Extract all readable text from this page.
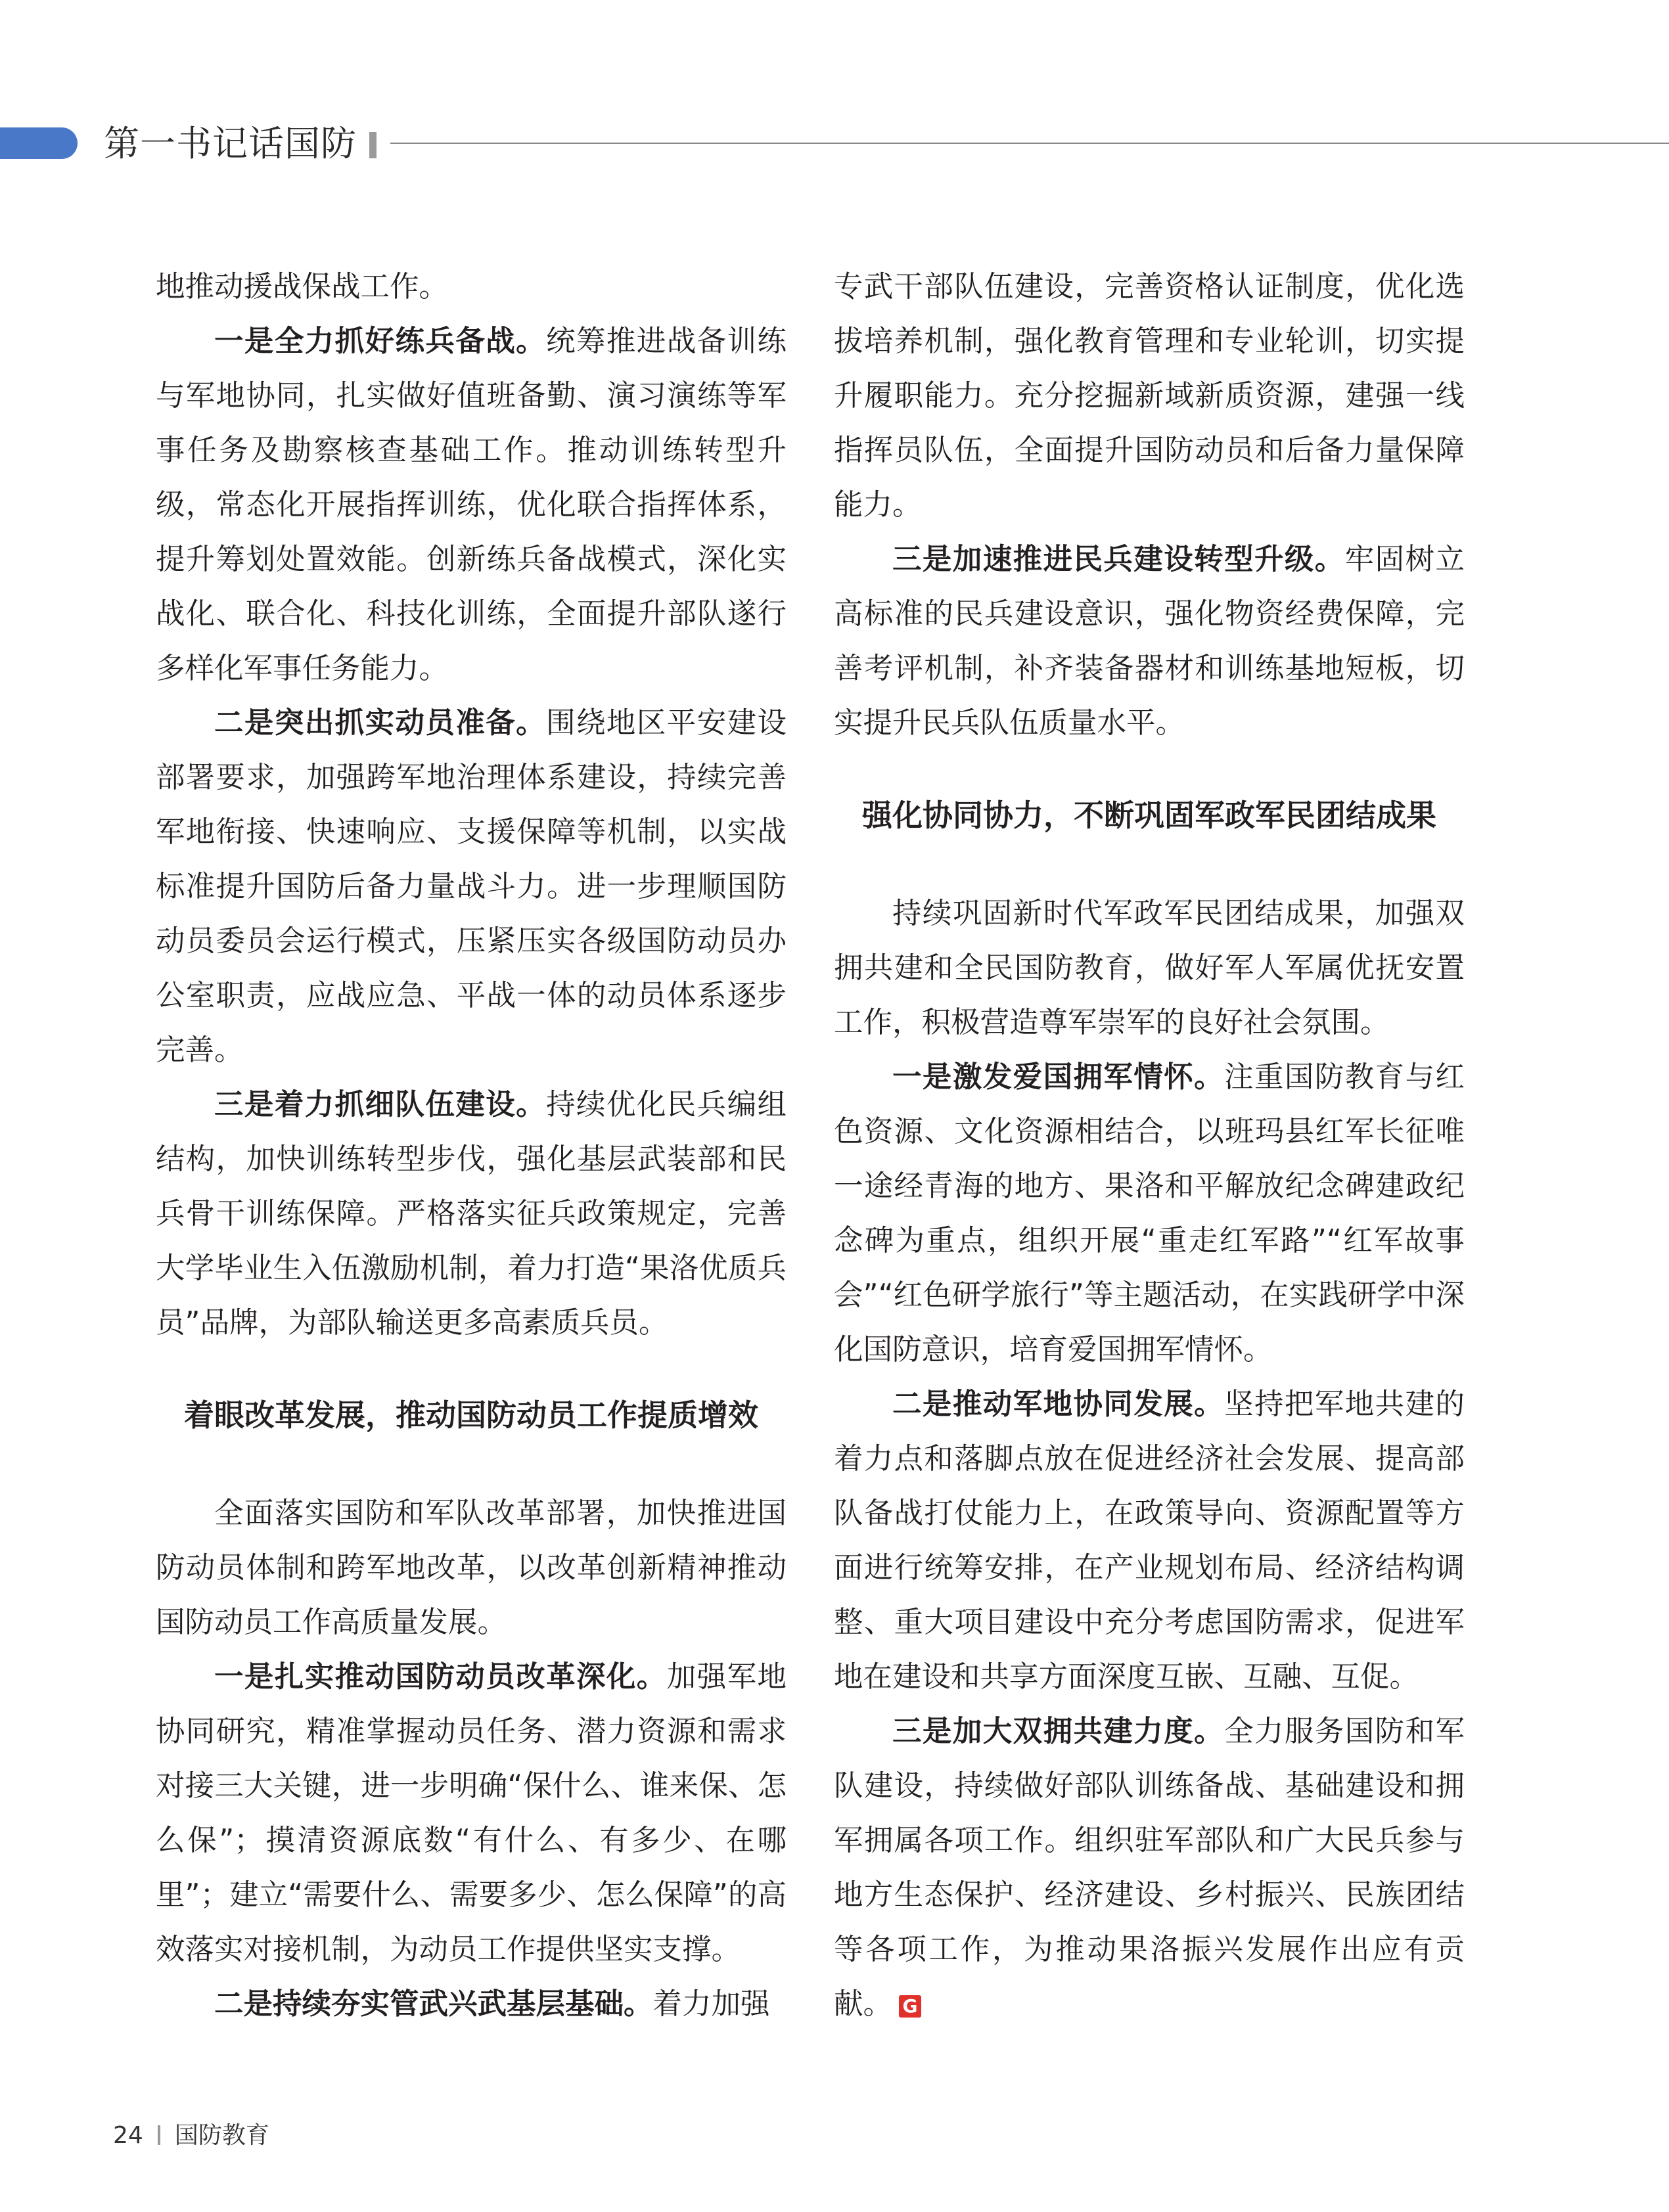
第一书记话国防

地推动援战保战工作。

一是全力抓好练兵备战。统筹推进战备训练与军地协同，扎实做好值班备勤、演习演练等军事任务及勘察核查基础工作。推动训练转型升级，常态化开展指挥训练，优化联合指挥体系，提升筹划处置效能。创新练兵备战模式，深化实战化、联合化、科技化训练，全面提升部队遂行多样化军事任务能力。

二是突出抓实动员准备。围绕地区平安建设部署要求，加强跨军地治理体系建设，持续完善军地衔接、快速响应、支援保障等机制，以实战标准提升国防后备力量战斗力。进一步理顺国防动员委员会运行模式，压紧压实各级国防动员办公室职责，应战应急、平战一体的动员体系逐步完善。

三是着力抓细队伍建设。持续优化民兵编组结构，加快训练转型步伐，强化基层武装部和民兵骨干训练保障。严格落实征兵政策规定，完善大学毕业生入伍激励机制，着力打造“果洛优质兵员”品牌，为部队输送更多高素质兵员。

着眼改革发展，推动国防动员工作提质增效

全面落实国防和军队改革部署，加快推进国防动员体制和跨军地改革，以改革创新精神推动国防动员工作高质量发展。

一是扎实推动国防动员改革深化。加强军地协同研究，精准掌握动员任务、潜力资源和需求对接三大关键，进一步明确“保什么、谁来保、怎么保”；摸清资源底数“有什么、有多少、在哪里”；建立“需要什么、需要多少、怎么保障”的高效落实对接机制，为动员工作提供坚实支撑。

二是持续夯实管武兴武基层基础。着力加强

专武干部队伍建设，完善资格认证制度，优化选拔培养机制，强化教育管理和专业轮训，切实提升履职能力。充分挖掘新域新质资源，建强一线指挥员队伍，全面提升国防动员和后备力量保障能力。

三是加速推进民兵建设转型升级。牢固树立高标准的民兵建设意识，强化物资经费保障，完善考评机制，补齐装备器材和训练基地短板，切实提升民兵队伍质量水平。

强化协同协力，不断巩固军政军民团结成果

持续巩固新时代军政军民团结成果，加强双拥共建和全民国防教育，做好军人军属优抚安置工作，积极营造尊军崇军的良好社会氛围。

一是激发爱国拥军情怀。注重国防教育与红色资源、文化资源相结合，以班玛县红军长征唯一途经青海的地方、果洛和平解放纪念碑建政纪念碑为重点，组织开展“重走红军路”“红军故事会”“红色研学旅行”等主题活动，在实践研学中深化国防意识，培育爱国拥军情怀。

二是推动军地协同发展。坚持把军地共建的着力点和落脚点放在促进经济社会发展、提高部队备战打仗能力上，在政策导向、资源配置等方面进行统筹安排，在产业规划布局、经济结构调整、重大项目建设中充分考虑国防需求，促进军地在建设和共享方面深度互嵌、互融、互促。

三是加大双拥共建力度。全力服务国防和军队建设，持续做好部队训练备战、基础建设和拥军拥属各项工作。组织驻军部队和广大民兵参与地方生态保护、经济建设、乡村振兴、民族团结等各项工作，为推动果洛振兴发展作出应有贡献。 G

24 国防教育
